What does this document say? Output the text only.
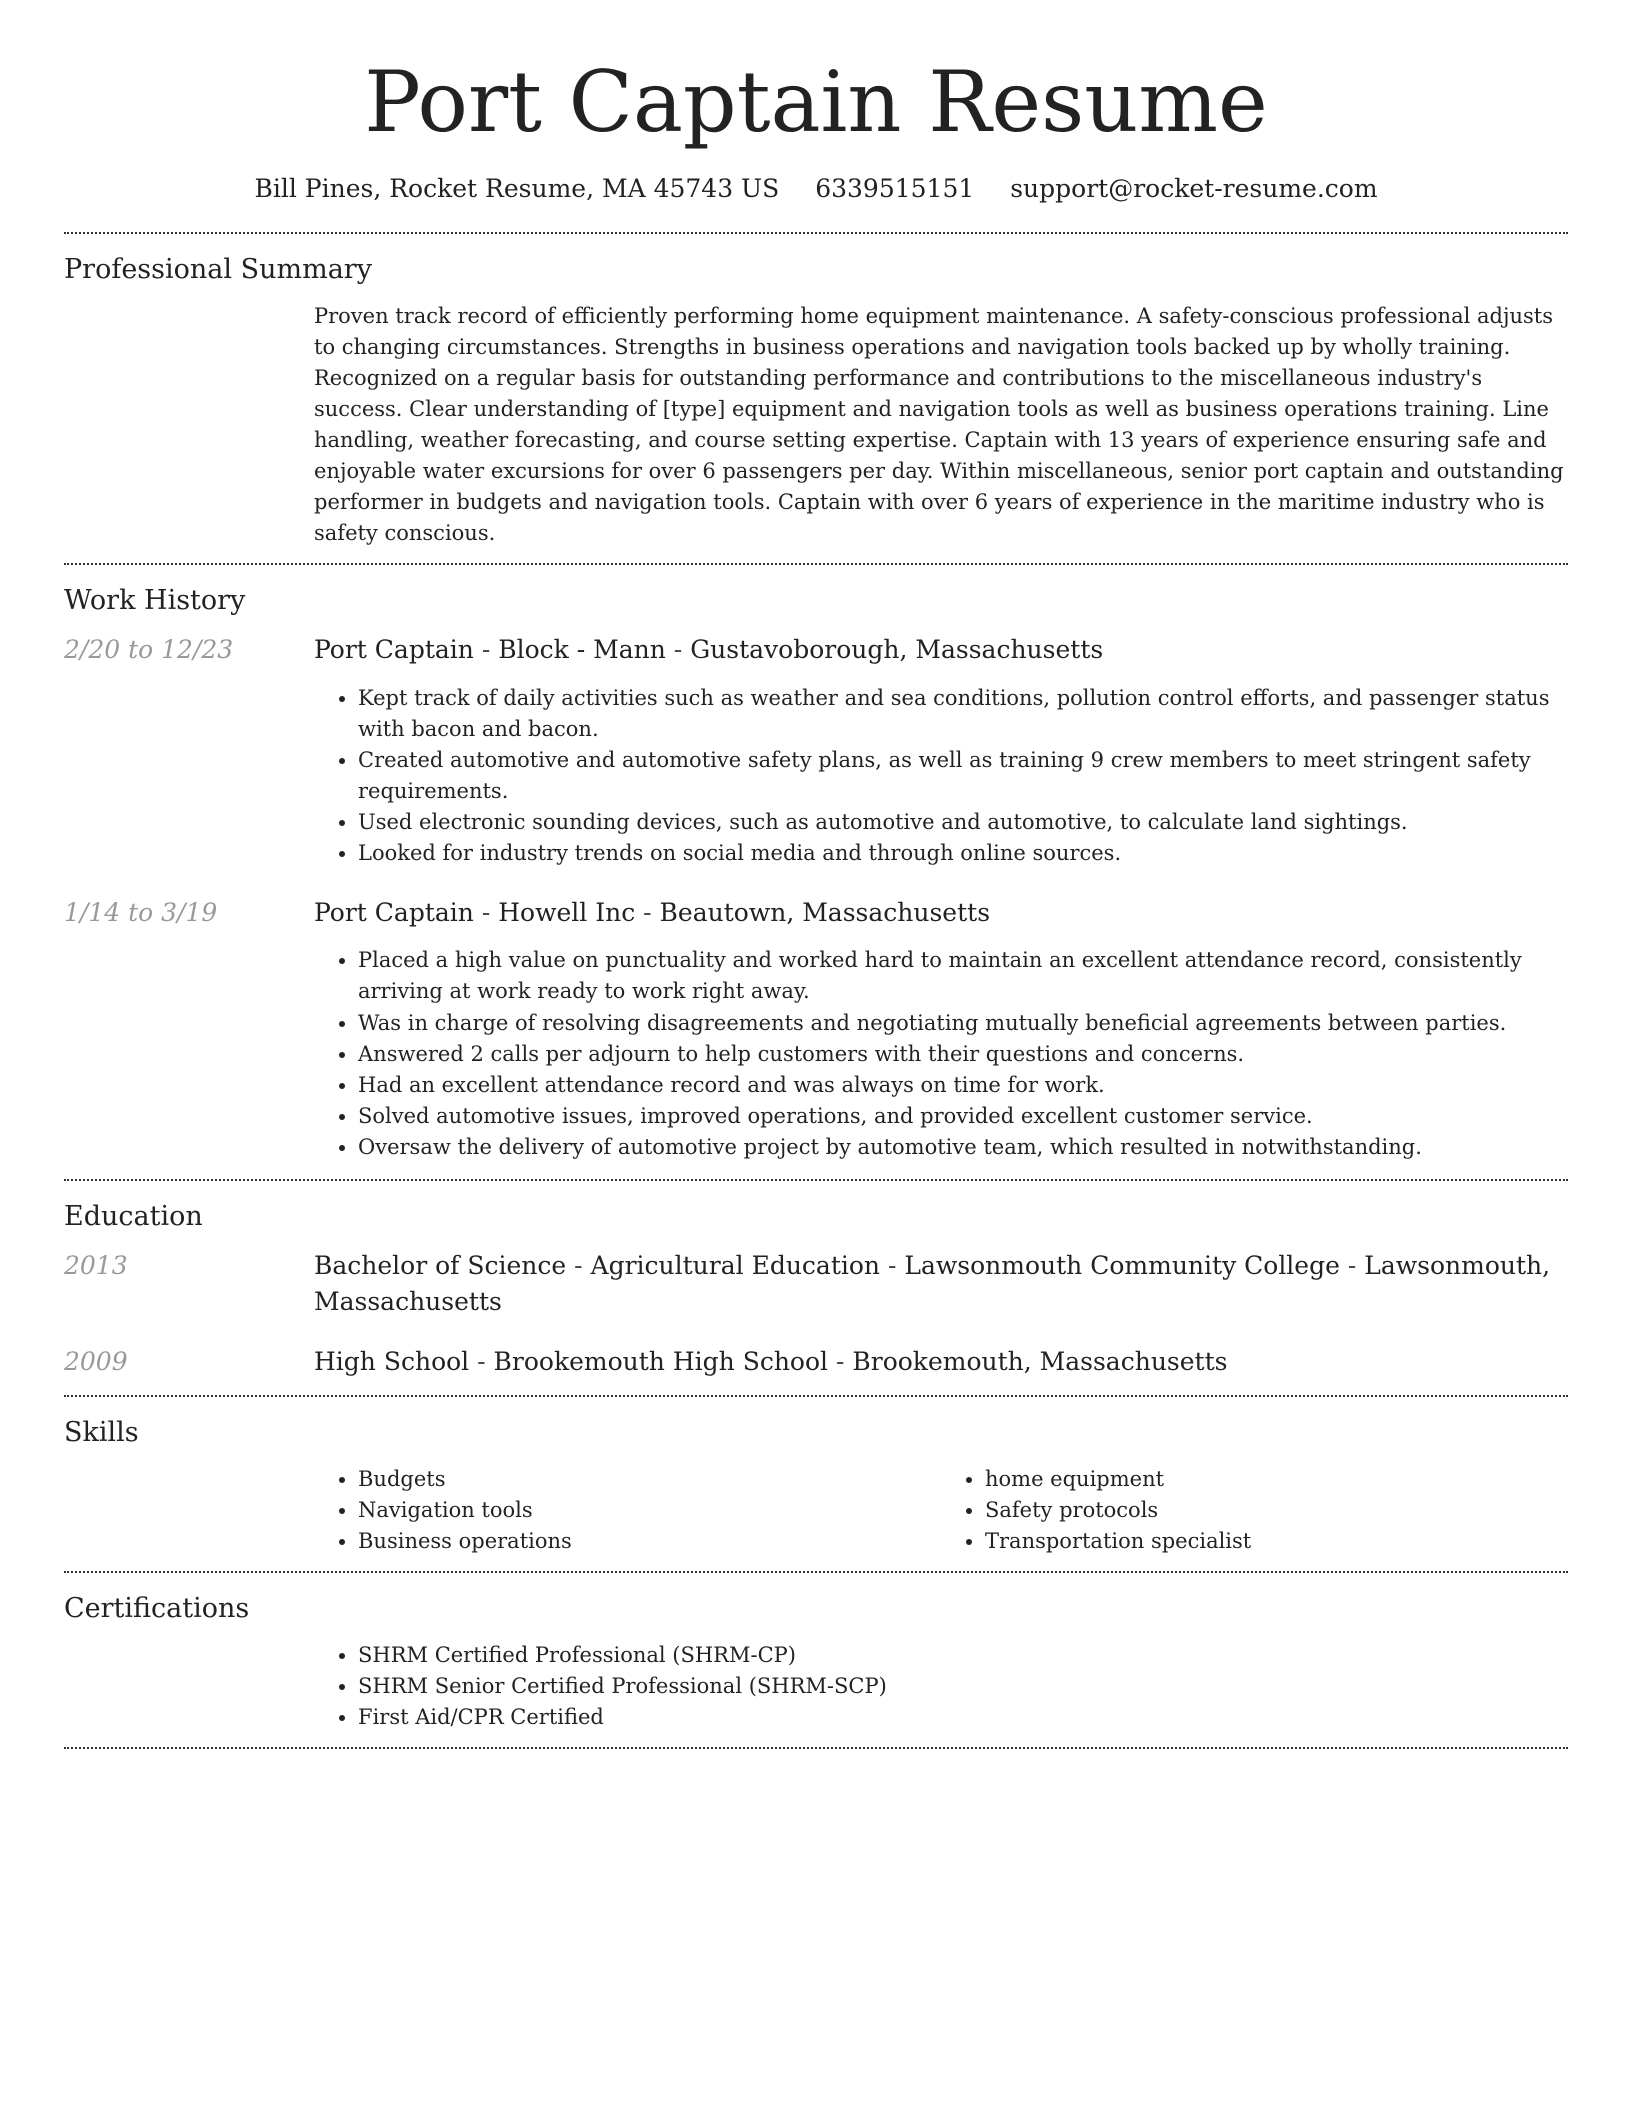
Port Captain Resume
Bill Pines, Rocket Resume, MA 45743 US 6339515151 support@rocket-resume.com
Professional Summary

Proven track record of efficiently performing home equipment maintenance. A safety-conscious professional adjusts to changing circumstances. Strengths in business operations and navigation tools backed up by wholly training. Recognized on a regular basis for outstanding performance and contributions to the miscellaneous industry's success. Clear understanding of [type] equipment and navigation tools as well as business operations training. Line handling, weather forecasting, and course setting expertise. Captain with 13 years of experience ensuring safe and enjoyable water excursions for over 6 passengers per day. Within miscellaneous, senior port captain and outstanding performer in budgets and navigation tools. Captain with over 6 years of experience in the maritime industry who is safety conscious.

Work History
2/20 to 12/23	Port Captain - Block - Mann - Gustavoborough, Massachusetts

• Kept track of daily activities such as weather and sea conditions, pollution control efforts, and passenger status with bacon and bacon.
• Created automotive and automotive safety plans, as well as training 9 crew members to meet stringent safety requirements.
• Used electronic sounding devices, such as automotive and automotive, to calculate land sightings.
• Looked for industry trends on social media and through online sources.
1/14 to 3/19	Port Captain - Howell Inc - Beautown, Massachusetts

• Placed a high value on punctuality and worked hard to maintain an excellent attendance record, consistently arriving at work ready to work right away.
• Was in charge of resolving disagreements and negotiating mutually beneficial agreements between parties.
• Answered 2 calls per adjourn to help customers with their questions and concerns.
• Had an excellent attendance record and was always on time for work.
• Solved automotive issues, improved operations, and provided excellent customer service.
• Oversaw the delivery of automotive project by automotive team, which resulted in notwithstanding.
Education
2013	Bachelor of Science - Agricultural Education - Lawsonmouth Community College - Lawsonmouth, Massachusetts

2009	High School - Brookemouth High School - Brookemouth, Massachusetts

Skills
• Budgets
• Navigation tools
• Business operations
• home equipment
• Safety protocols
• Transportation specialist
Certifications
• SHRM Certified Professional (SHRM-CP)
• SHRM Senior Certified Professional (SHRM-SCP)
• First Aid/CPR Certified
